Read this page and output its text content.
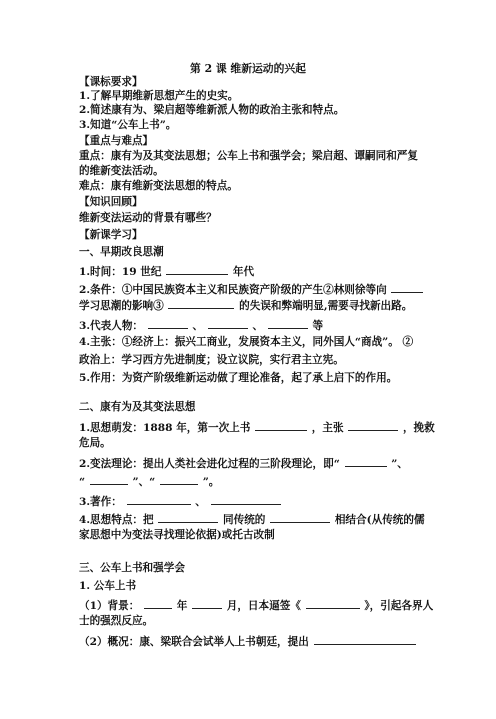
第 2 课 维新运动的兴起
【课标要求】
1.了解早期维新思想产生的史实。
2.简述康有为、梁启超等维新派人物的政治主张和特点。
3.知道“公车上书”。
【重点与难点】
重点：康有为及其变法思想；公车上书和强学会；梁启超、谭嗣同和严复
的维新变法活动。
难点：康有维新变法思想的特点。
【知识回顾】
维新变法运动的背景有哪些？
【新课学习】
一、早期改良思潮
1.时间：19 世纪	年代
2.条件：①中国民族资本主义和民族资产阶级的产生②林则徐等向
学习思潮的影响③	的失误和弊端明显,需要寻找新出路。
3.代表人物：	、	、	等
4.主张：①经济上：振兴工商业，发展资本主义，同外国人“商战”。 ②
政治上：学习西方先进制度；设立议院，实行君主立宪。
5.作用：为资产阶级维新运动做了理论准备，起了承上启下的作用。
二、康有为及其变法思想
1.思想萌发：1888 年，第一次上书	，主张	，挽救
危局。
2.变法理论：提出人类社会进化过程的三阶段理论，即“	”、
“	”、“	”。
3.著作：	、
4.思想特点：把	同传统的	相结合(从传统的儒
家思想中为变法寻找理论依据)或托古改制
三、公车上书和强学会
1. 公车上书
（1）背景：	年	月，日本逼签《	》，引起各界人
士的强烈反应。
（2）概况：康、梁联合会试举人上书朝廷，提出
